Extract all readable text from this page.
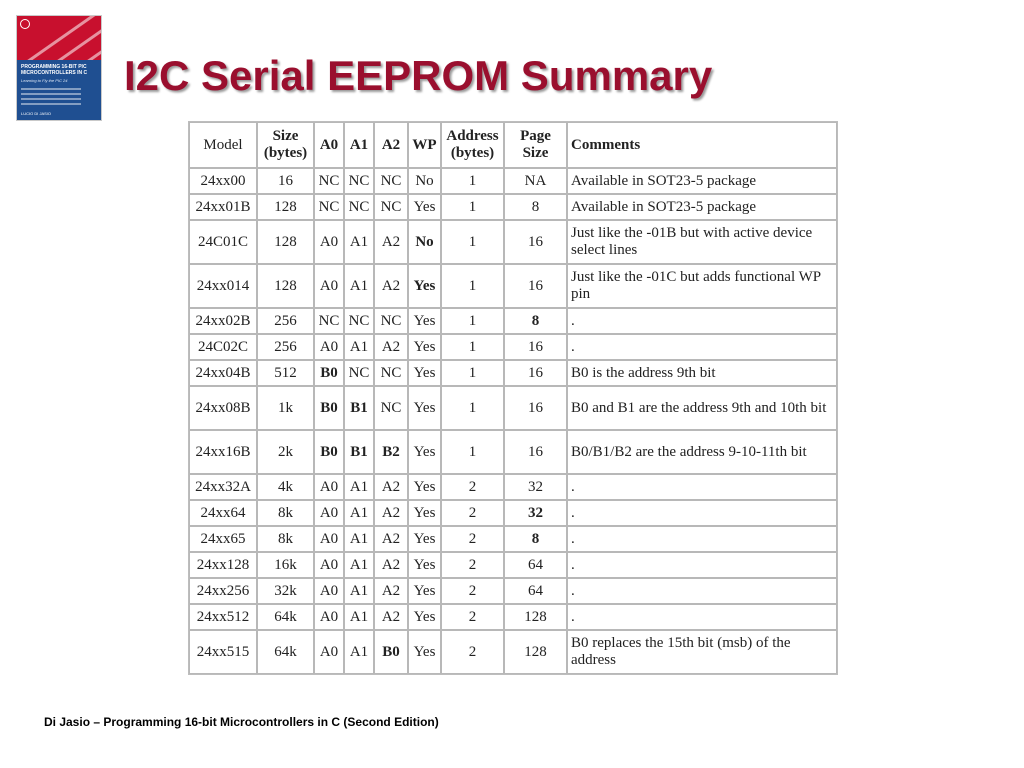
PROGRAMMING 16-BIT PIC MICROCONTROLLERS IN C
Learning to Fly the PIC 24
LUCIO DI JASIO
I2C Serial EEPROM Summary
Model	Size (bytes)	A0	A1	A2	WP	Address (bytes)	Page Size	Comments
24xx00	16	NC	NC	NC	No	1	NA	Available in SOT23-5 package
24xx01B	128	NC	NC	NC	Yes	1	8	Available in SOT23-5 package
24C01C	128	A0	A1	A2	No	1	16	Just like the -01B but with active device select lines
24xx014	128	A0	A1	A2	Yes	1	16	Just like the -01C but adds functional WP pin
24xx02B	256	NC	NC	NC	Yes	1	8	.
24C02C	256	A0	A1	A2	Yes	1	16	.
24xx04B	512	B0	NC	NC	Yes	1	16	B0 is the address 9th bit
24xx08B	1k	B0	B1	NC	Yes	1	16	B0 and B1 are the address 9th and 10th bit
24xx16B	2k	B0	B1	B2	Yes	1	16	B0/B1/B2 are the address 9-10-11th bit
24xx32A	4k	A0	A1	A2	Yes	2	32	.
24xx64	8k	A0	A1	A2	Yes	2	32	.
24xx65	8k	A0	A1	A2	Yes	2	8	.
24xx128	16k	A0	A1	A2	Yes	2	64	.
24xx256	32k	A0	A1	A2	Yes	2	64	.
24xx512	64k	A0	A1	A2	Yes	2	128	.
24xx515	64k	A0	A1	B0	Yes	2	128	B0 replaces the 15th bit (msb) of the address
Di Jasio – Programming 16-bit Microcontrollers in C (Second Edition)
